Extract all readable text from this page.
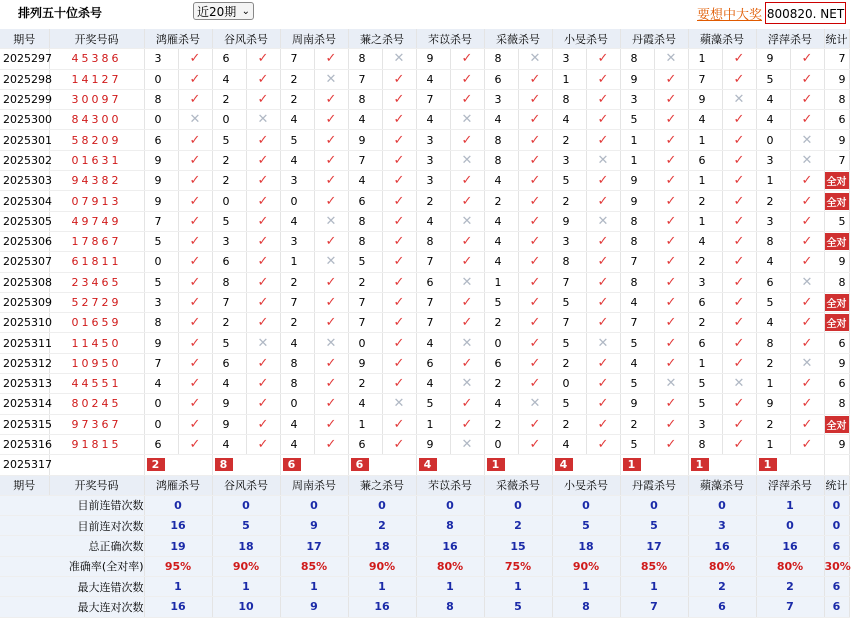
排列五十位杀号	近20期 ⌄	要想中大奖 800820. NET
期号	开奖号码	鸿雁杀号		谷风杀号		周南杀号		蒹之杀号		芣苡杀号		采薇杀号		小旻杀号		丹霞杀号		蘋藻杀号		浮萍杀号		统计
2025297	45386	3	✓	6	✓	7	✓	8	✕	9	✓	8	✕	3	✓	8	✕	1	✓	9	✓	7
2025298	14127	0	✓	4	✓	2	✕	7	✓	4	✓	6	✓	1	✓	9	✓	7	✓	5	✓	9
2025299	30097	8	✓	2	✓	2	✓	8	✓	7	✓	3	✓	8	✓	3	✓	9	✕	4	✓	8
2025300	84300	0	✕	0	✕	4	✓	4	✓	4	✕	4	✓	4	✓	5	✓	4	✓	4	✓	6
2025301	58209	6	✓	5	✓	5	✓	9	✓	3	✓	8	✓	2	✓	1	✓	1	✓	0	✕	9
2025302	01631	9	✓	2	✓	4	✓	7	✓	3	✕	8	✓	3	✕	1	✓	6	✓	3	✕	7
2025303	94382	9	✓	2	✓	3	✓	4	✓	3	✓	4	✓	5	✓	9	✓	1	✓	1	✓	全对
2025304	07913	9	✓	0	✓	0	✓	6	✓	2	✓	2	✓	2	✓	9	✓	2	✓	2	✓	全对
2025305	49749	7	✓	5	✓	4	✕	8	✓	4	✕	4	✓	9	✕	8	✓	1	✓	3	✓	5
2025306	17867	5	✓	3	✓	3	✓	8	✓	8	✓	4	✓	3	✓	8	✓	4	✓	8	✓	全对
2025307	61811	0	✓	6	✓	1	✕	5	✓	7	✓	4	✓	8	✓	7	✓	2	✓	4	✓	9
2025308	23465	5	✓	8	✓	2	✓	2	✓	6	✕	1	✓	7	✓	8	✓	3	✓	6	✕	8
2025309	52729	3	✓	7	✓	7	✓	7	✓	7	✓	5	✓	5	✓	4	✓	6	✓	5	✓	全对
2025310	01659	8	✓	2	✓	2	✓	7	✓	7	✓	2	✓	7	✓	7	✓	2	✓	4	✓	全对
2025311	11450	9	✓	5	✕	4	✕	0	✓	4	✕	0	✓	5	✕	5	✓	6	✓	8	✓	6
2025312	10950	7	✓	6	✓	8	✓	9	✓	6	✓	6	✓	2	✓	4	✓	1	✓	2	✕	9
2025313	44551	4	✓	4	✓	8	✓	2	✓	4	✕	2	✓	0	✓	5	✕	5	✕	1	✓	6
2025314	80245	0	✓	9	✓	0	✓	4	✕	5	✓	4	✕	5	✓	9	✓	5	✓	9	✓	8
2025315	97367	0	✓	9	✓	4	✓	1	✓	1	✓	2	✓	2	✓	2	✓	3	✓	2	✓	全对
2025316	91815	6	✓	4	✓	4	✓	6	✓	9	✕	0	✓	4	✓	5	✓	8	✓	1	✓	9
2025317	当前期杀号	2		8		6		6		4		1		4		1		1		1		
期号	开奖号码	鸿雁杀号		谷风杀号		周南杀号		蒹之杀号		芣苡杀号		采薇杀号		小旻杀号		丹霞杀号		蘋藻杀号		浮萍杀号		统计
目前连错次数		0		0		0		0		0		0		0		0		0		1		0
目前连对次数		16		5		9		2		8		2		5		5		3		0		0
总正确次数		19		18		17		18		16		15		18		17		16		16		6
准确率(全对率)		95%		90%		85%		90%		80%		75%		90%		85%		80%		80%		30%
最大连错次数		1		1		1		1		1		1		1		1		2		2		6
最大连对次数		16		10		9		16		8		5		8		7		6		7		6
